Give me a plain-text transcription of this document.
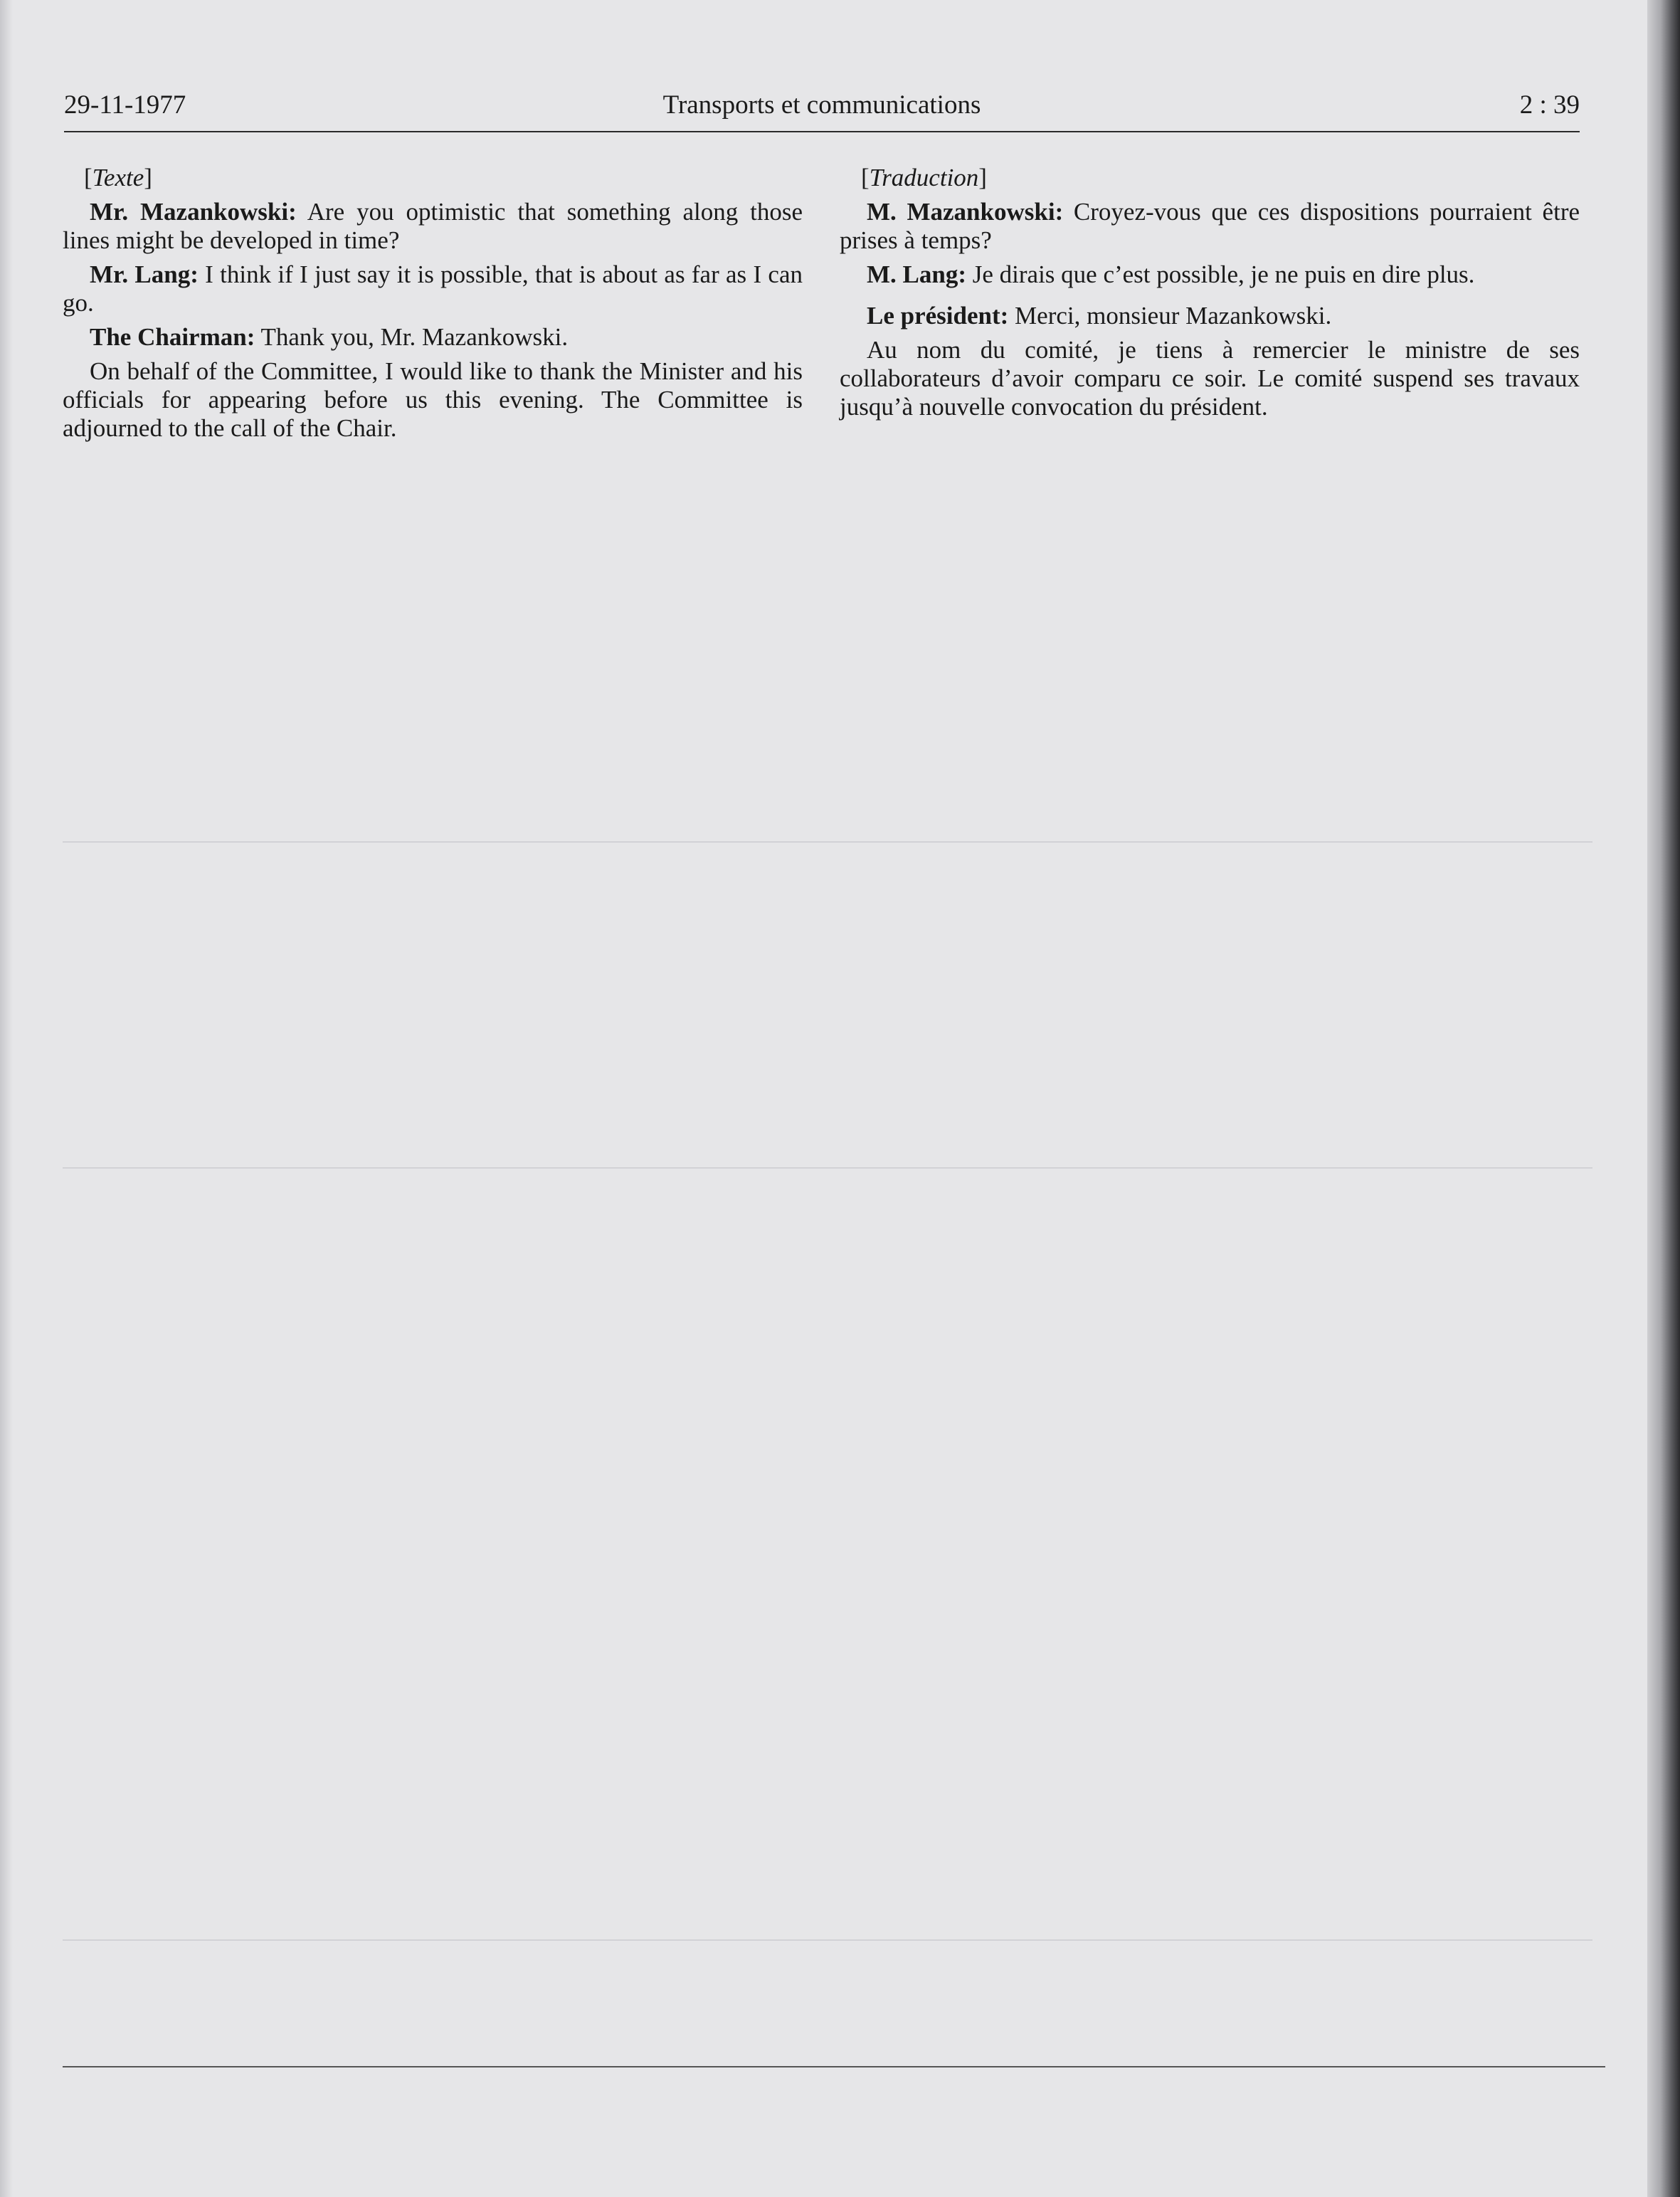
29-11-1977	Transports et communications	2 : 39
[Texte]

Mr. Mazankowski: Are you optimistic that something along those lines might be developed in time?

Mr. Lang: I think if I just say it is possible, that is about as far as I can go.

The Chairman: Thank you, Mr. Mazankowski.

On behalf of the Committee, I would like to thank the Minister and his officials for appearing before us this evening. The Committee is adjourned to the call of the Chair.

[Traduction]

M. Mazankowski: Croyez-vous que ces dispositions pourraient être prises à temps?

M. Lang: Je dirais que c’est possible, je ne puis en dire plus.

Le président: Merci, monsieur Mazankowski.

Au nom du comité, je tiens à remercier le ministre de ses collaborateurs d’avoir comparu ce soir. Le comité suspend ses travaux jusqu’à nouvelle convocation du président.
